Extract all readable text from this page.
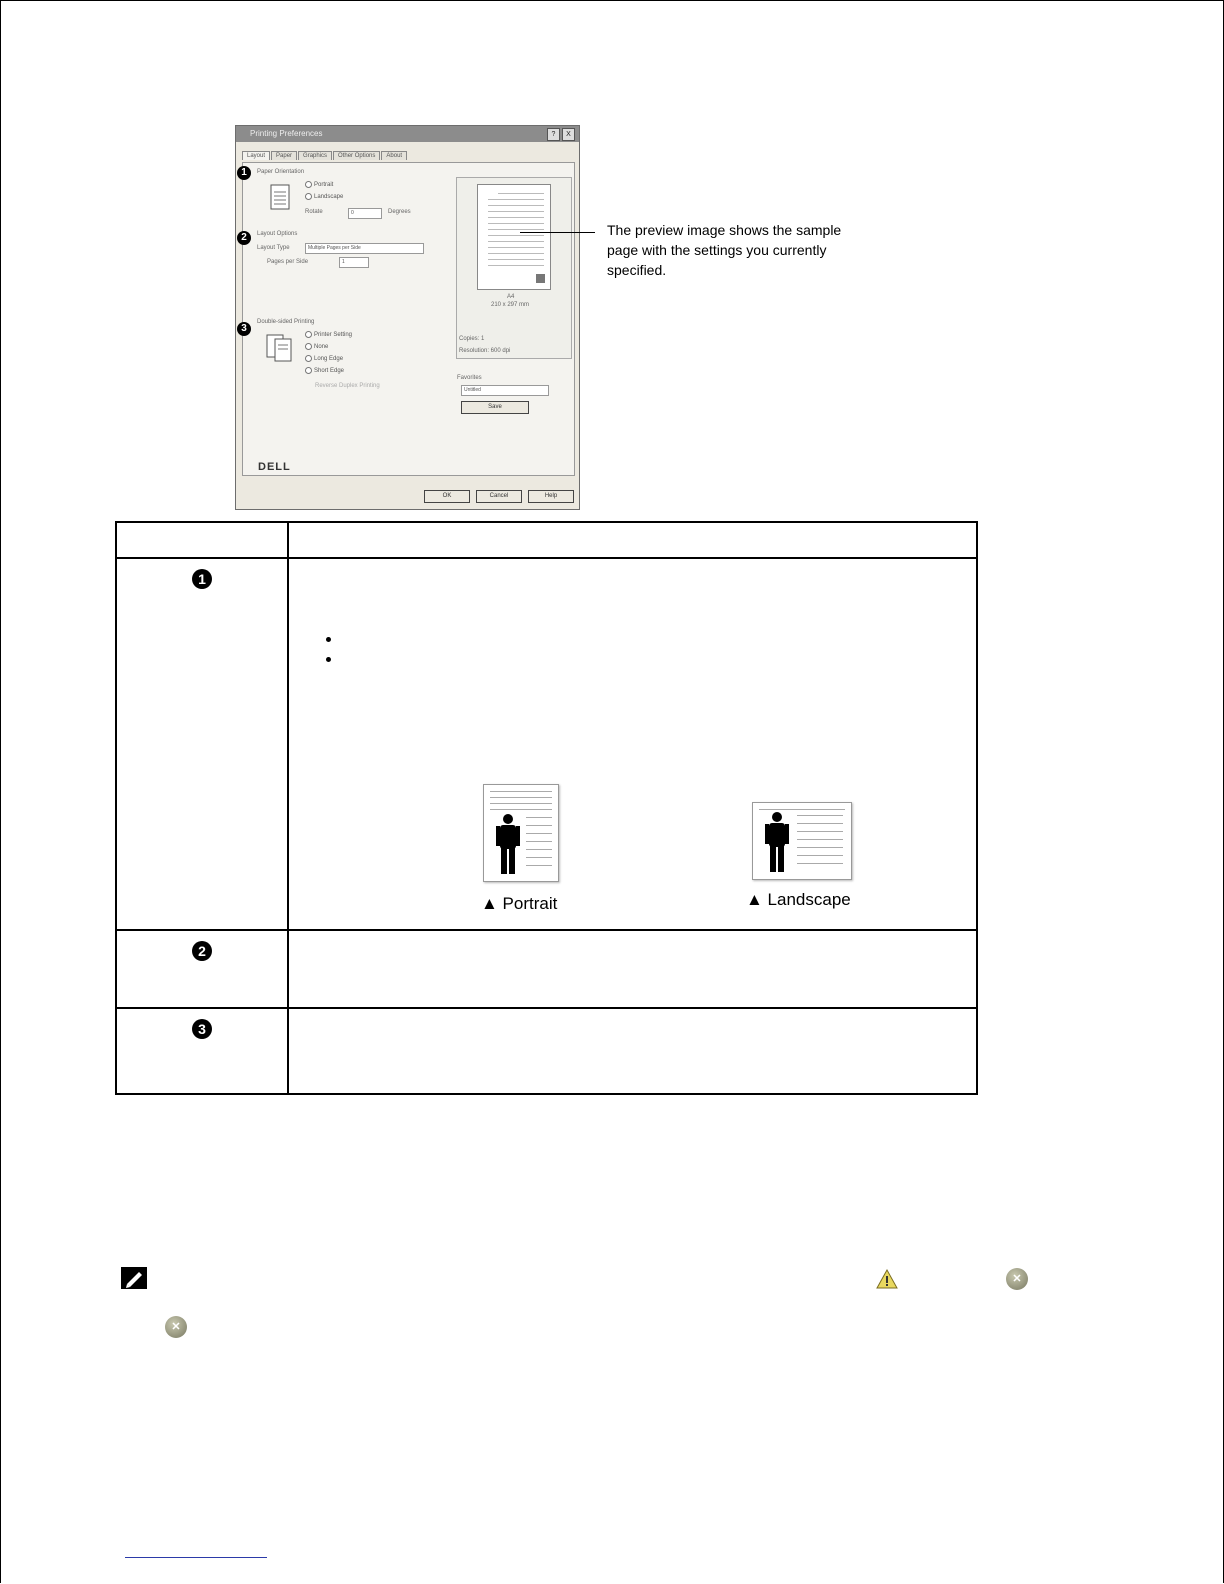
Printing Preferences	?	X
Layout	Paper	Graphics	Other Options	About
Paper Orientation
Portrait
Landscape
Rotate	0	Degrees
Layout Options
Layout Type	Multiple Pages per Side
Pages per Side	1
Double-sided Printing
Printer Setting
None
Long Edge
Short Edge
Reverse Duplex Printing
A4
210 x 297 mm
Copies: 1
Resolution: 600 dpi
Favorites
Untitled
Save
DELL
OK	Cancel	Help
1
2
3
The preview image shows the sample page with the settings you currently specified.

1	
2	
3	
▲ Portrait	▲ Landscape
✕
✕
